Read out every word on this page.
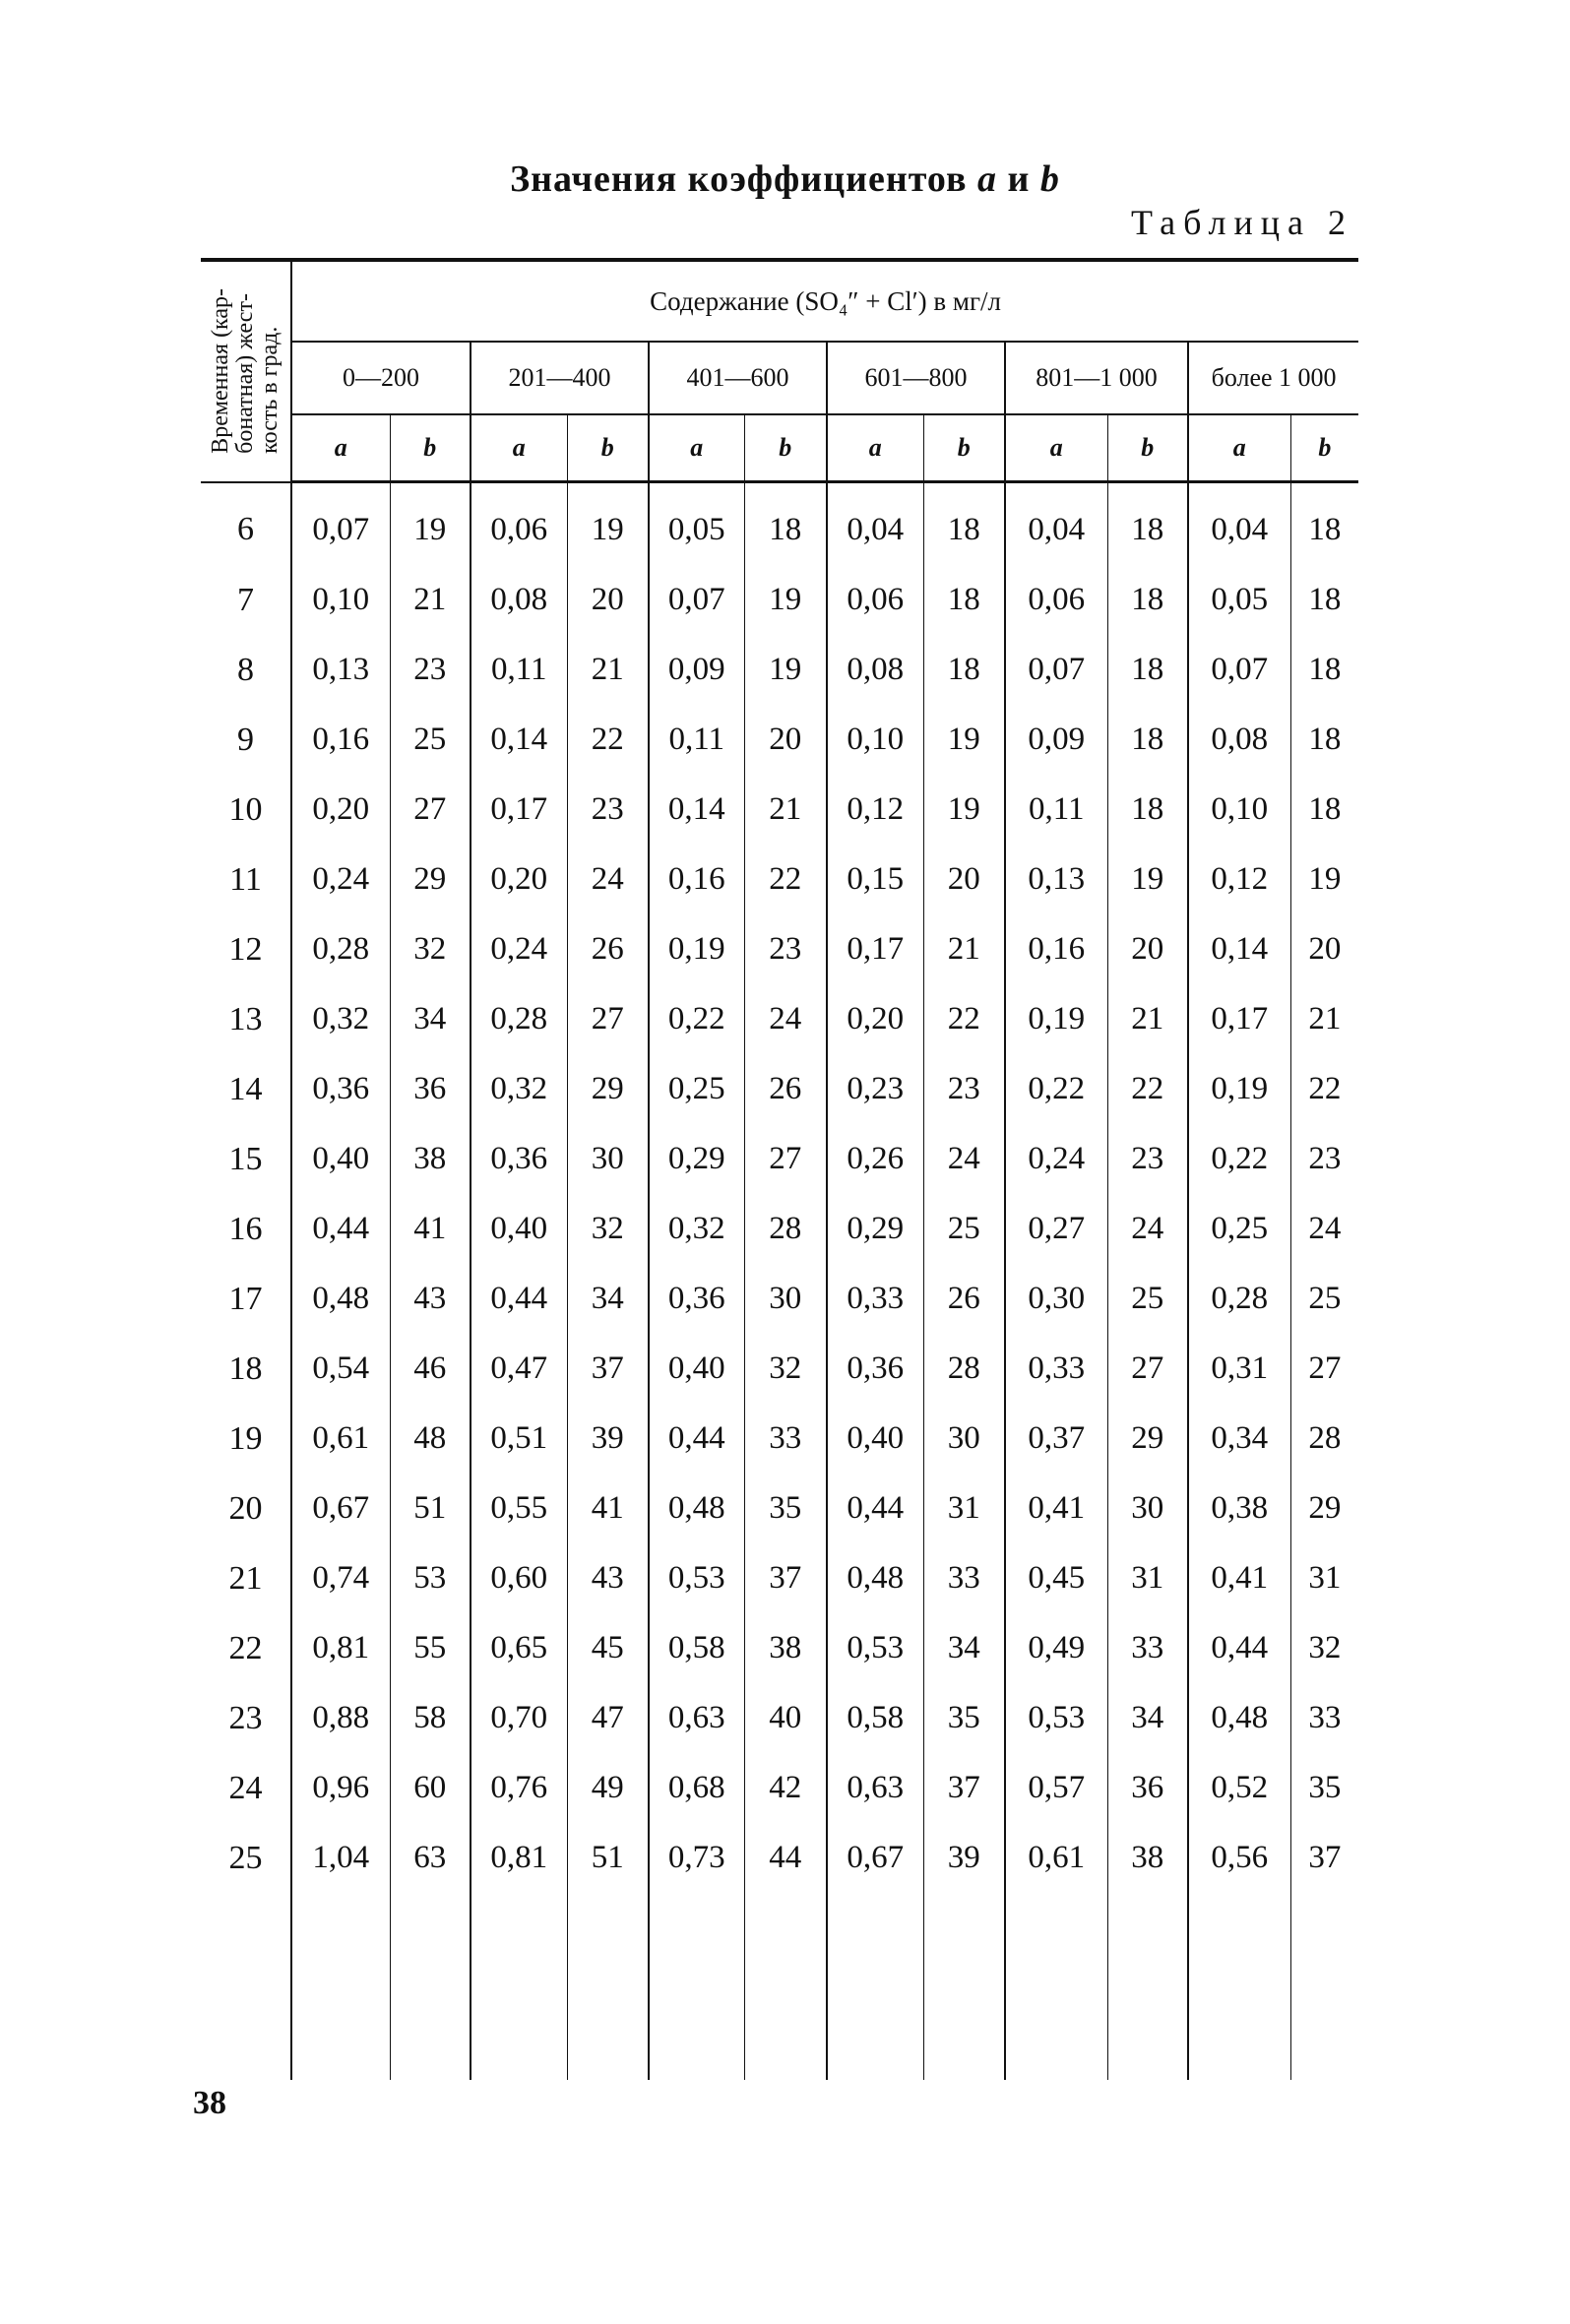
Значения коэффициентов a и b
Таблица 2
Временная (кар- бонатная) жест- кость в град.	Содержание (SO₄″ + Cl′) в мг/л											
	0—200		201—400		401—600		601—800		801—1 000		более 1 000	
	a	b	a	b	a	b	a	b	a	b	a	b
6	0,07	19	0,06	19	0,05	18	0,04	18	0,04	18	0,04	18
7	0,10	21	0,08	20	0,07	19	0,06	18	0,06	18	0,05	18
8	0,13	23	0,11	21	0,09	19	0,08	18	0,07	18	0,07	18
9	0,16	25	0,14	22	0,11	20	0,10	19	0,09	18	0,08	18
10	0,20	27	0,17	23	0,14	21	0,12	19	0,11	18	0,10	18
11	0,24	29	0,20	24	0,16	22	0,15	20	0,13	19	0,12	19
12	0,28	32	0,24	26	0,19	23	0,17	21	0,16	20	0,14	20
13	0,32	34	0,28	27	0,22	24	0,20	22	0,19	21	0,17	21
14	0,36	36	0,32	29	0,25	26	0,23	23	0,22	22	0,19	22
15	0,40	38	0,36	30	0,29	27	0,26	24	0,24	23	0,22	23
16	0,44	41	0,40	32	0,32	28	0,29	25	0,27	24	0,25	24
17	0,48	43	0,44	34	0,36	30	0,33	26	0,30	25	0,28	25
18	0,54	46	0,47	37	0,40	32	0,36	28	0,33	27	0,31	27
19	0,61	48	0,51	39	0,44	33	0,40	30	0,37	29	0,34	28
20	0,67	51	0,55	41	0,48	35	0,44	31	0,41	30	0,38	29
21	0,74	53	0,60	43	0,53	37	0,48	33	0,45	31	0,41	31
22	0,81	55	0,65	45	0,58	38	0,53	34	0,49	33	0,44	32
23	0,88	58	0,70	47	0,63	40	0,58	35	0,53	34	0,48	33
24	0,96	60	0,76	49	0,68	42	0,63	37	0,57	36	0,52	35
25	1,04	63	0,81	51	0,73	44	0,67	39	0,61	38	0,56	37

38
